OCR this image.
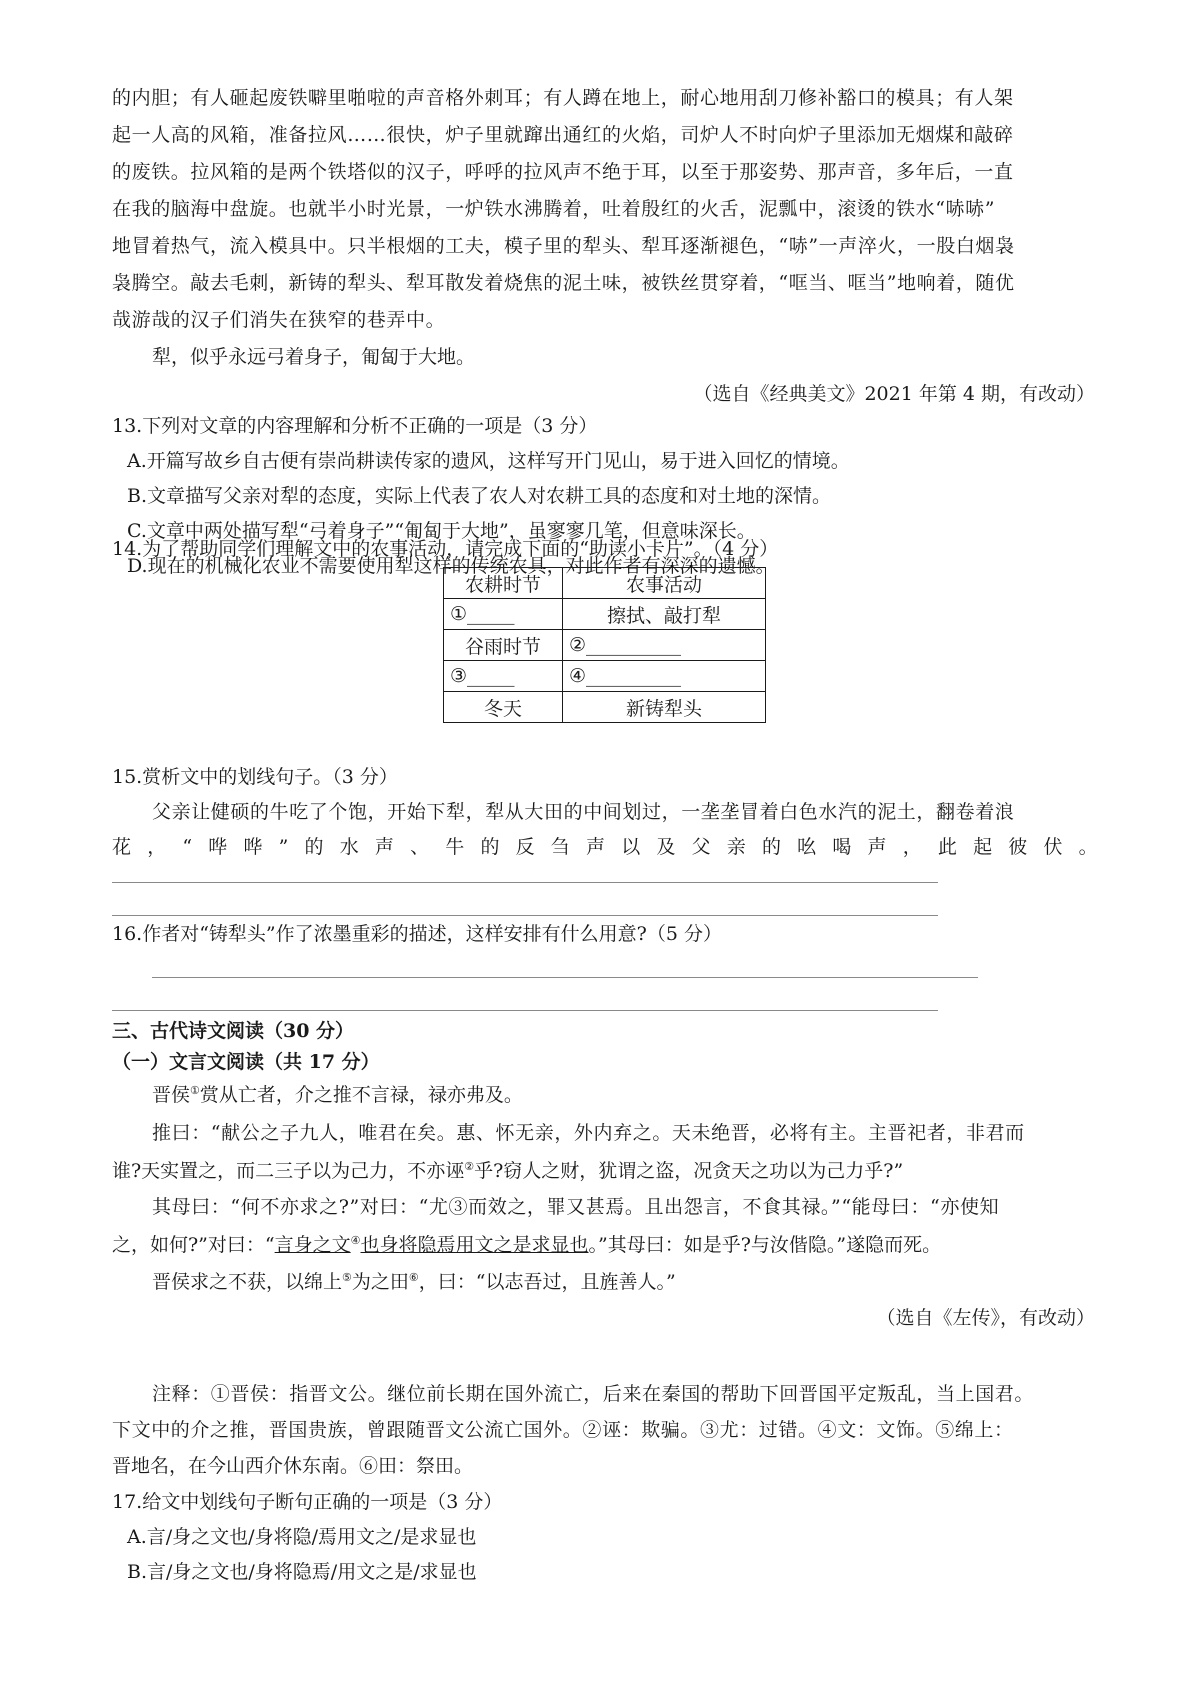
的内胆；有人砸起废铁噼里啪啦的声音格外刺耳；有人蹲在地上，耐心地用刮刀修补豁口的模具；有人架
起一人高的风箱，准备拉风……很快，炉子里就蹿出通红的火焰，司炉人不时向炉子里添加无烟煤和敲碎
的废铁。拉风箱的是两个铁塔似的汉子，呼呼的拉风声不绝于耳，以至于那姿势、那声音，多年后，一直
在我的脑海中盘旋。也就半小时光景，一炉铁水沸腾着，吐着殷红的火舌，泥瓢中，滚烫的铁水“哧哧”
地冒着热气，流入模具中。只半根烟的工夫，模子里的犁头、犁耳逐渐褪色，“哧”一声淬火，一股白烟袅
袅腾空。敲去毛刺，新铸的犁头、犁耳散发着烧焦的泥土味，被铁丝贯穿着，“哐当、哐当”地响着，随优
哉游哉的汉子们消失在狭窄的巷弄中。
犁，似乎永远弓着身子，匍匐于大地。
（选自《经典美文》2021 年第 4 期，有改动）
13.下列对文章的内容理解和分析不正确的一项是（3 分）
A.开篇写故乡自古便有崇尚耕读传家的遗风，这样写开门见山，易于进入回忆的情境。
B.文章描写父亲对犁的态度，实际上代表了农人对农耕工具的态度和对土地的深情。
C.文章中两处描写犁“弓着身子”“匍匐于大地”，虽寥寥几笔，但意味深长。
D.现在的机械化农业不需要使用犁这样的传统农具，对此作者有深深的遗憾。
14.为了帮助同学们理解文中的农事活动，请完成下面的“助读小卡片”。（4 分）
农耕时节	农事活动
①_____	擦拭、敲打犁
谷雨时节	②__________
③_____	④__________
冬天	新铸犁头
15.赏析文中的划线句子。（3 分）
父亲让健硕的牛吃了个饱，开始下犁，犁从大田的中间划过，一垄垄冒着白色水汽的泥土，翻卷着浪
花 ， “ 哗 哗 ” 的 水 声 、 牛 的 反 刍 声 以 及 父 亲 的 吆 喝 声 ， 此 起 彼 伏 。
16.作者对“铸犁头”作了浓墨重彩的描述，这样安排有什么用意?（5 分）
三、古代诗文阅读（30 分）
（一）文言文阅读（共 17 分）
晋侯①赏从亡者，介之推不言禄，禄亦弗及。
推曰：“献公之子九人，唯君在矣。惠、怀无亲，外内弃之。天未绝晋，必将有主。主晋祀者，非君而
谁?天实置之，而二三子以为己力，不亦诬②乎?窃人之财，犹谓之盗，况贪天之功以为己力乎?”
其母曰：“何不亦求之?”对曰：“尤③而效之，罪又甚焉。且出怨言，不食其禄。”“能母曰：“亦使知
之，如何?”对曰：“言身之文④也身将隐焉用文之是求显也。”其母曰：如是乎?与汝偕隐。”遂隐而死。
晋侯求之不获，以绵上⑤为之田⑥，曰：“以志吾过，且旌善人。”
（选自《左传》，有改动）
注释：①晋侯：指晋文公。继位前长期在国外流亡，后来在秦国的帮助下回晋国平定叛乱，当上国君。
下文中的介之推，晋国贵族，曾跟随晋文公流亡国外。②诬：欺骗。③尤：过错。④文：文饰。⑤绵上：
晋地名，在今山西介休东南。⑥田：祭田。
17.给文中划线句子断句正确的一项是（3 分）
A.言/身之文也/身将隐/焉用文之/是求显也
B.言/身之文也/身将隐焉/用文之是/求显也
